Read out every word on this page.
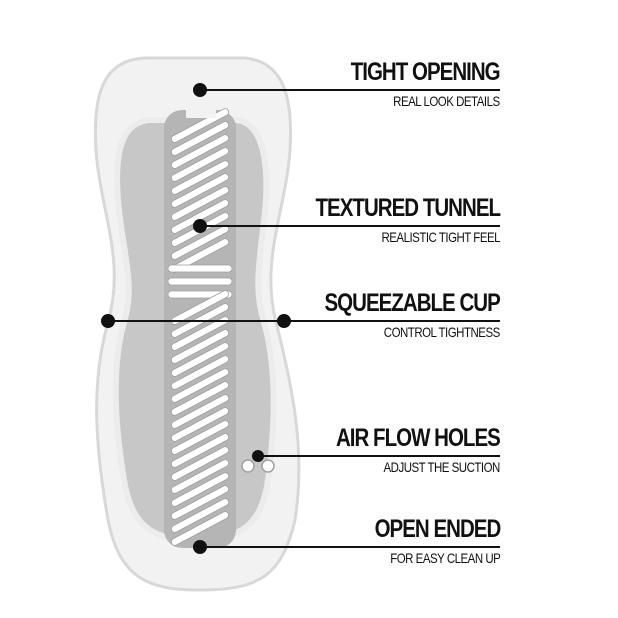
TIGHT OPENING
REAL LOOK DETAILS
TEXTURED TUNNEL
REALISTIC TIGHT FEEL
SQUEEZABLE CUP
CONTROL TIGHTNESS
AIR FLOW HOLES
ADJUST THE SUCTION
OPEN ENDED
FOR EASY CLEAN UP
